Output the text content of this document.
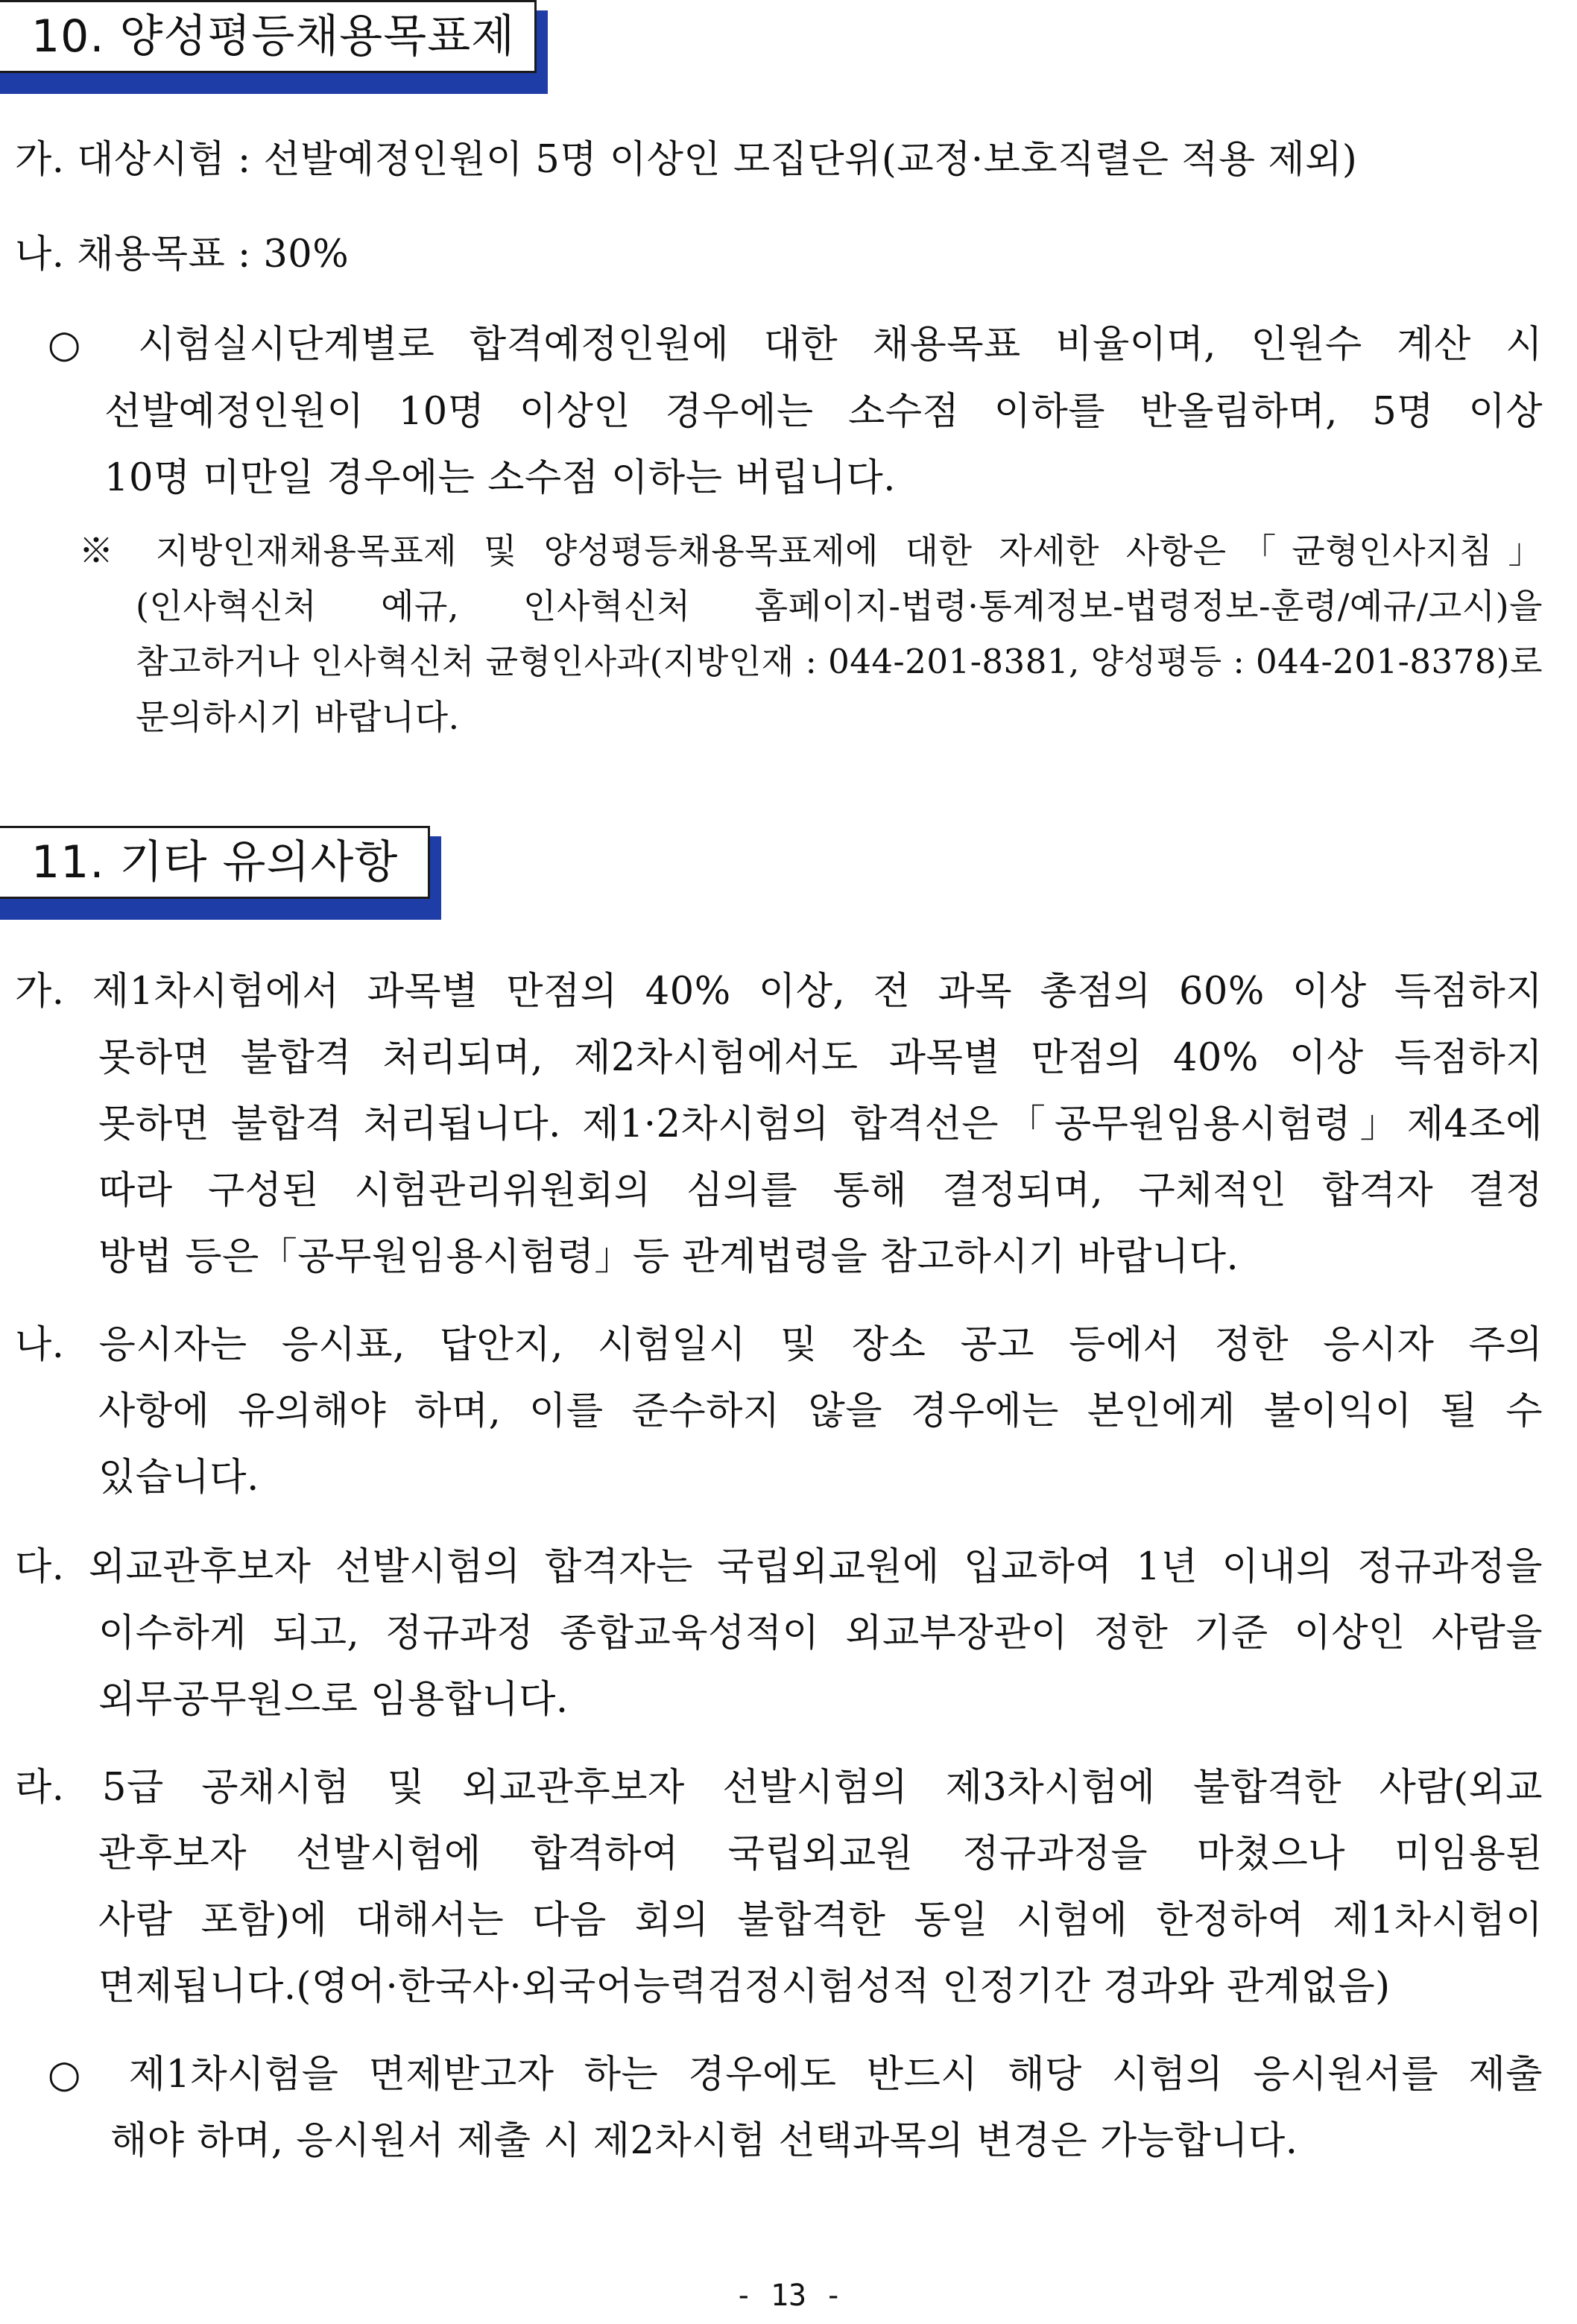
10. 양성평등채용목표제
가. 대상시험 : 선발예정인원이 5명 이상인 모집단위(교정·보호직렬은 적용 제외)
나. 채용목표 : 30%
○ 시험실시단계별로 합격예정인원에 대한 채용목표 비율이며, 인원수 계산 시
선발예정인원이 10명 이상인 경우에는 소수점 이하를 반올림하며, 5명 이상
10명 미만일 경우에는 소수점 이하는 버립니다.
※ 지방인재채용목표제 및 양성평등채용목표제에 대한 자세한 사항은「균형인사지침」
(인사혁신처 예규, 인사혁신처 홈페이지-법령·통계정보-법령정보-훈령/예규/고시)을
참고하거나 인사혁신처 균형인사과(지방인재 : 044-201-8381, 양성평등 : 044-201-8378)로
문의하시기 바랍니다.
11. 기타 유의사항
가. 제1차시험에서 과목별 만점의 40% 이상, 전 과목 총점의 60% 이상 득점하지
못하면 불합격 처리되며, 제2차시험에서도 과목별 만점의 40% 이상 득점하지
못하면 불합격 처리됩니다. 제1·2차시험의 합격선은「공무원임용시험령」제4조에
따라 구성된 시험관리위원회의 심의를 통해 결정되며, 구체적인 합격자 결정
방법 등은「공무원임용시험령」등 관계법령을 참고하시기 바랍니다.
나. 응시자는 응시표, 답안지, 시험일시 및 장소 공고 등에서 정한 응시자 주의
사항에 유의해야 하며, 이를 준수하지 않을 경우에는 본인에게 불이익이 될 수
있습니다.
다. 외교관후보자 선발시험의 합격자는 국립외교원에 입교하여 1년 이내의 정규과정을
이수하게 되고, 정규과정 종합교육성적이 외교부장관이 정한 기준 이상인 사람을
외무공무원으로 임용합니다.
라. 5급 공채시험 및 외교관후보자 선발시험의 제3차시험에 불합격한 사람(외교
관후보자 선발시험에 합격하여 국립외교원 정규과정을 마쳤으나 미임용된
사람 포함)에 대해서는 다음 회의 불합격한 동일 시험에 한정하여 제1차시험이
면제됩니다.(영어·한국사·외국어능력검정시험성적 인정기간 경과와 관계없음)
○ 제1차시험을 면제받고자 하는 경우에도 반드시 해당 시험의 응시원서를 제출
해야 하며, 응시원서 제출 시 제2차시험 선택과목의 변경은 가능합니다.
- 13 -
